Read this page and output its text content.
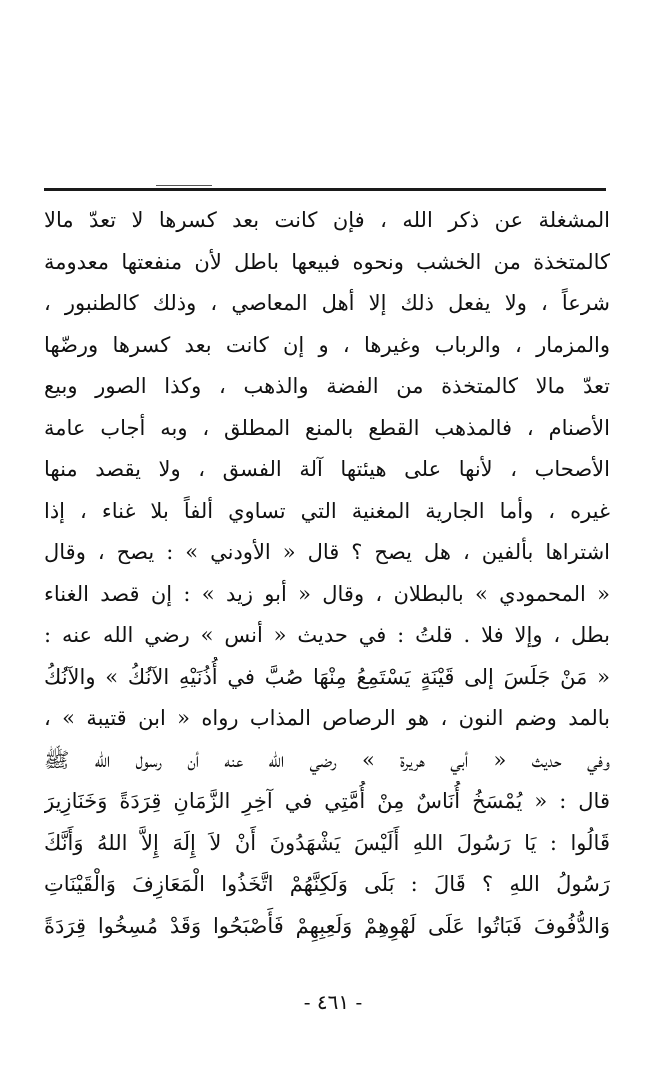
المشغلة عن ذكر الله ، فإن كانت بعد كسرها لا تعدّ مالا
كالمتخذة من الخشب ونحوه فبيعها باطل لأن منفعتها معدومة
شرعاً ، ولا يفعل ذلك إلا أهل المعاصي ، وذلك كالطنبور ،
والمزمار ، والرباب وغيرها ، و إن كانت بعد كسرها ورضّها
تعدّ مالا كالمتخذة من الفضة والذهب ، وكذا الصور وبيع
الأصنام ، فالمذهب القطع بالمنع المطلق ، وبه أجاب عامة
الأصحاب ، لأنها على هيئتها آلة الفسق ، ولا يقصد منها
غيره ، وأما الجارية المغنية التي تساوي ألفاً بلا غناء ، إذا
اشتراها بألفين ، هل يصح ؟ قال « الأودني » : يصح ، وقال
« المحمودي » بالبطلان ، وقال « أبو زيد » : إن قصد الغناء
بطل ، وإلا فلا . قلتُ : في حديث « أنس » رضي الله عنه :
« مَنْ جَلَسَ إلى قَيْنَةٍ يَسْتَمِعُ مِنْهَا صُبَّ في أُذُنَيْهِ الآنُكُ » والآنُكُ
بالمد وضم النون ، هو الرصاص المذاب رواه « ابن قتيبة » ،
وفي حديث « أبي هريرة » رضي الله عنه أن رسول الله ﷺ
قال : « يُمْسَخُ أُنَاسٌ مِنْ أُمَّتِي في آخِرِ الزَّمَانِ قِرَدَةً وَخَنَازِيرَ
قَالُوا : يَا رَسُولَ اللهِ أَلَيْسَ يَشْهَدُونَ أَنْ لاَ إِلَهَ إِلاَّ اللهُ وَأَنَّكَ
رَسُولُ اللهِ ؟ قَالَ : بَلَى وَلَكِنَّهُمْ اتَّخَذُوا الْمَعَازِفَ وَالْقَيْنَاتِ
وَالدُّفُوفَ فَبَاتُوا عَلَى لَهْوِهِمْ وَلَعِبِهِمْ فَأَصْبَحُوا وَقَدْ مُسِخُوا قِرَدَةً
- ٤٦١ -
